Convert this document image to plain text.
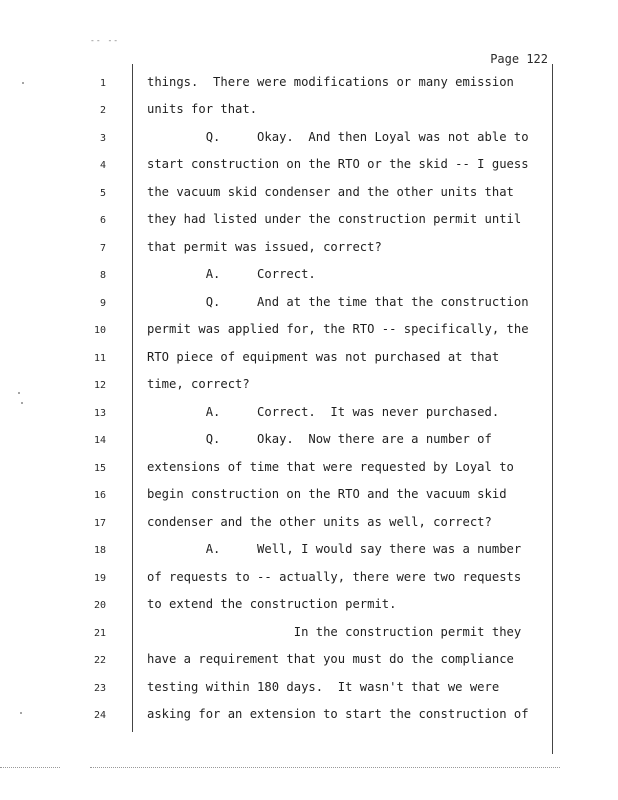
-- --
Page 122
1	things.  There were modifications or many emission
2	units for that.
3	Q.     Okay.  And then Loyal was not able to
4	start construction on the RTO or the skid -- I guess
5	the vacuum skid condenser and the other units that
6	they had listed under the construction permit until
7	that permit was issued, correct?
8	A.     Correct.
9	Q.     And at the time that the construction
10	permit was applied for, the RTO -- specifically, the
11	RTO piece of equipment was not purchased at that
12	time, correct?
13	A.     Correct.  It was never purchased.
14	Q.     Okay.  Now there are a number of
15	extensions of time that were requested by Loyal to
16	begin construction on the RTO and the vacuum skid
17	condenser and the other units as well, correct?
18	A.     Well, I would say there was a number
19	of requests to -- actually, there were two requests
20	to extend the construction permit.
21	In the construction permit they
22	have a requirement that you must do the compliance
23	testing within 180 days.  It wasn't that we were
24	asking for an extension to start the construction of
